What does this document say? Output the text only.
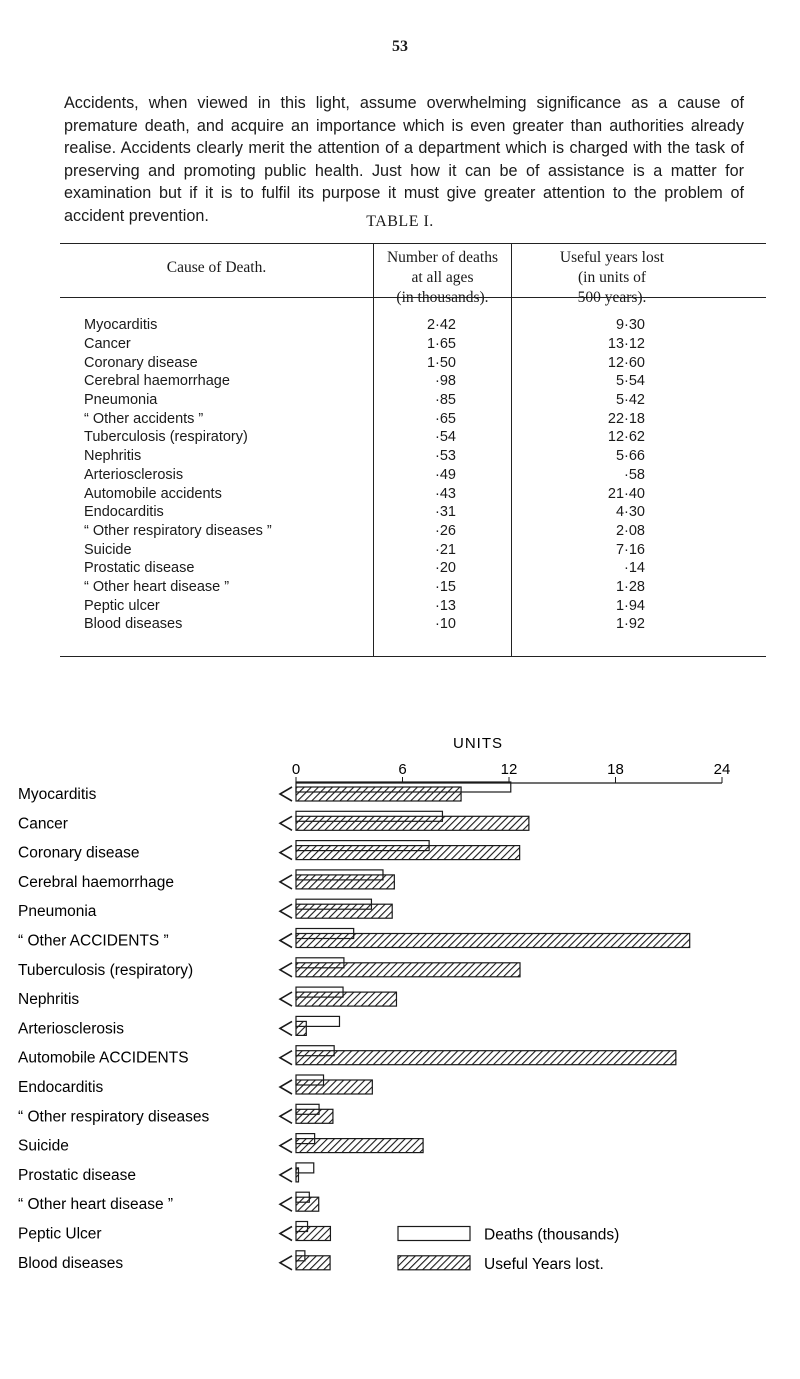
53

Accidents, when viewed in this light, assume overwhelming significance as a cause of premature death, and acquire an importance which is even greater than authorities already realise. Accidents clearly merit the attention of a department which is charged with the task of preserving and promoting public health. Just how it can be of assistance is a matter for examination but if it is to fulfil its purpose it must give greater attention to the problem of accident prevention.	TABLE I.
Cause of Death.
Number of deaths
at all ages
(in thousands).
Useful years lost
(in units of
500 years).
Myocarditis	2·42		9·30
Cancer	1·65		13·12
Coronary disease	1·50		12·60
Cerebral haemorrhage	·98		5·54
Pneumonia	·85		5·42
“ Other accidents ”	·65		22·18
Tuberculosis (respiratory)	·54		12·62
Nephritis	·53		5·66
Arteriosclerosis	·49		·58
Automobile accidents	·43		21·40
Endocarditis	·31		4·30
“ Other respiratory diseases ”	·26		2·08
Suicide	·21		7·16
Prostatic disease	·20		·14
“ Other heart disease ”	·15		1·28
Peptic ulcer	·13		1·94
Blood diseases	·10		1·92
UNITS
0	6	12	18	24
Myocarditis
Cancer
Coronary disease
Cerebral haemorrhage
Pneumonia
“ Other ACCIDENTS ”
Tuberculosis (respiratory)
Nephritis
Arteriosclerosis
Automobile ACCIDENTS
Endocarditis
“ Other respiratory diseases
Suicide
Prostatic disease
“ Other heart disease ”
Peptic Ulcer
Blood diseases
Deaths (thousands)
Useful Years lost.
